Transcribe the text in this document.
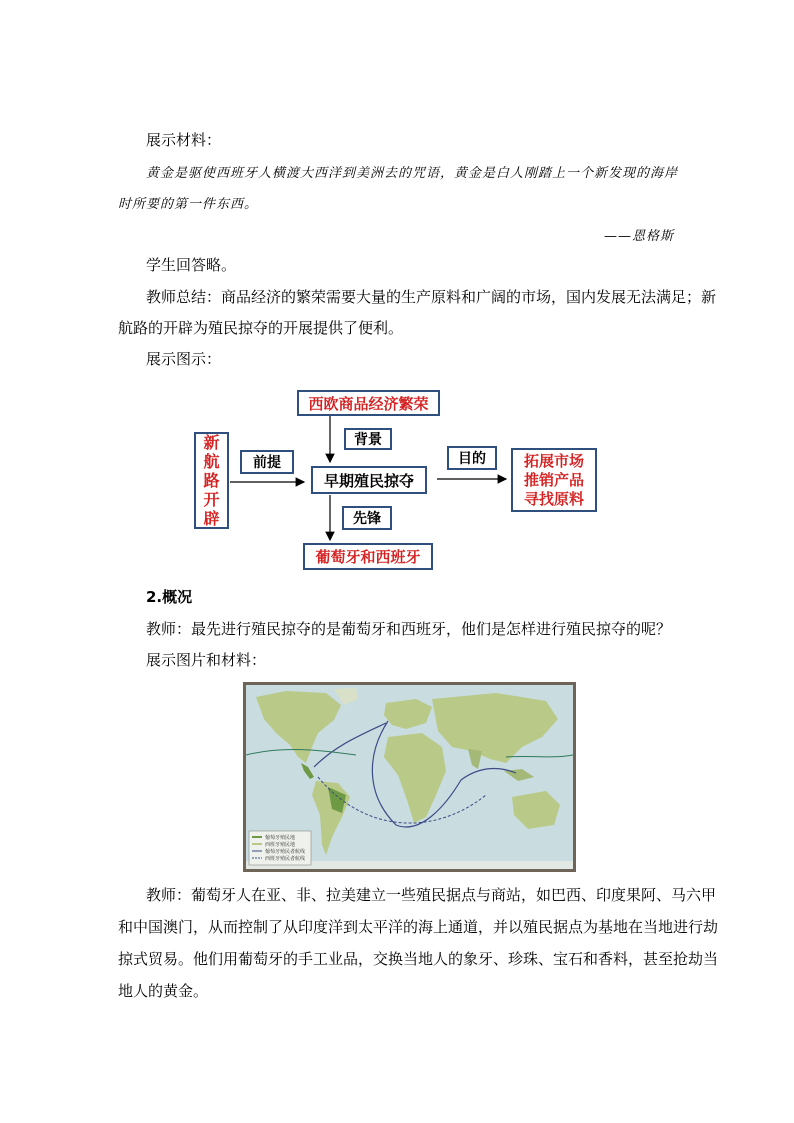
展示材料：
黄金是驱使西班牙人横渡大西洋到美洲去的咒语，黄金是白人刚踏上一个新发现的海岸
时所要的第一件东西。
——恩格斯
学生回答略。
教师总结：商品经济的繁荣需要大量的生产原料和广阔的市场，国内发展无法满足；新
航路的开辟为殖民掠夺的开展提供了便利。
展示图示：
西欧商品经济繁荣
背景
新
航
路
开
辟
前提
早期殖民掠夺
目的	拓展市场
推销产品
寻找原料
先锋
葡萄牙和西班牙
2.概况
教师：最先进行殖民掠夺的是葡萄牙和西班牙，他们是怎样进行殖民掠夺的呢？
展示图片和材料：
葡萄牙殖民地
西班牙殖民地
葡萄牙殖民者航线
西班牙殖民者航线
教师：葡萄牙人在亚、非、拉美建立一些殖民据点与商站，如巴西、印度果阿、马六甲
和中国澳门，从而控制了从印度洋到太平洋的海上通道，并以殖民据点为基地在当地进行劫
掠式贸易。他们用葡萄牙的手工业品，交换当地人的象牙、珍珠、宝石和香料，甚至抢劫当
地人的黄金。
